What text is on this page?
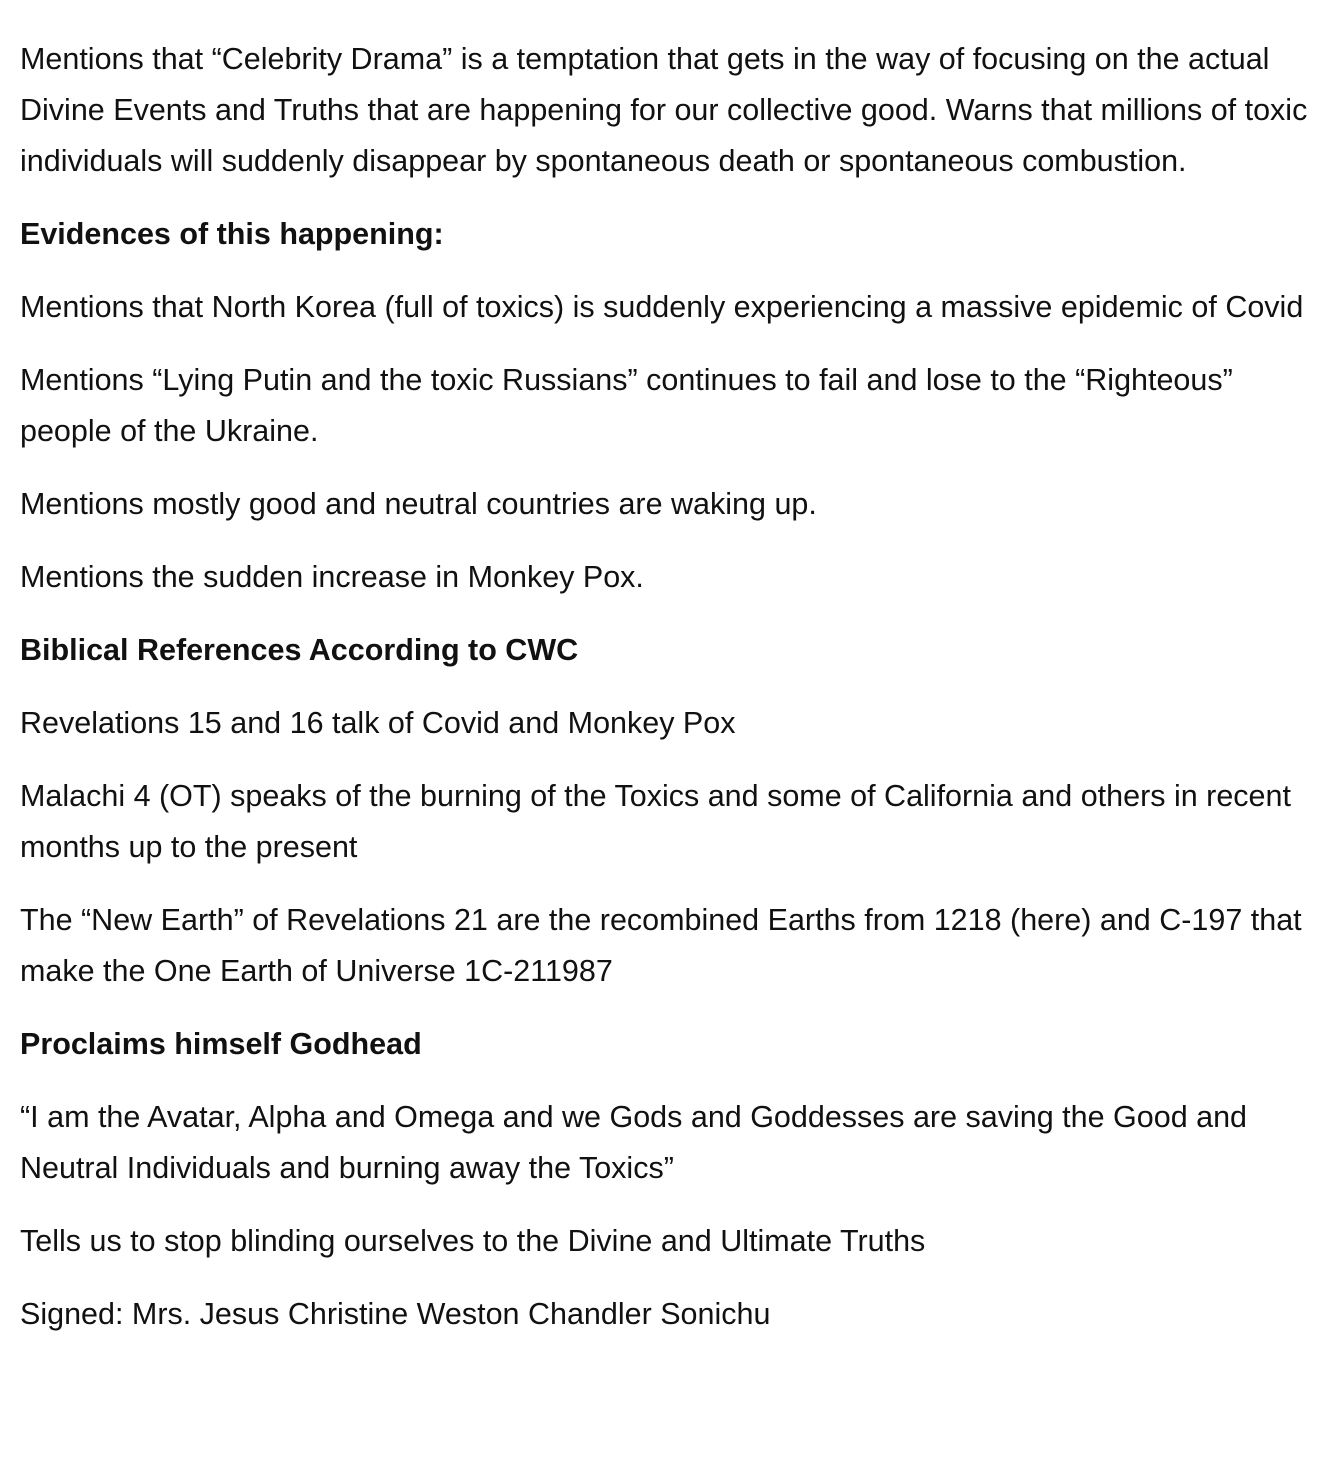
Mentions that “Celebrity Drama” is a temptation that gets in the way of focusing on the actual Divine Events and Truths that are happening for our collective good. Warns that millions of toxic individuals will suddenly disappear by spontaneous death or spontaneous combustion.

Evidences of this happening:

Mentions that North Korea (full of toxics) is suddenly experiencing a massive epidemic of Covid

Mentions “Lying Putin and the toxic Russians” continues to fail and lose to the “Righteous” people of the Ukraine.

Mentions mostly good and neutral countries are waking up.

Mentions the sudden increase in Monkey Pox.

Biblical References According to CWC

Revelations 15 and 16 talk of Covid and Monkey Pox

Malachi 4 (OT) speaks of the burning of the Toxics and some of California and others in recent months up to the present

The “New Earth” of Revelations 21 are the recombined Earths from 1218 (here) and C-197 that make the One Earth of Universe 1C-211987

Proclaims himself Godhead

“I am the Avatar, Alpha and Omega and we Gods and Goddesses are saving the Good and Neutral Individuals and burning away the Toxics”

Tells us to stop blinding ourselves to the Divine and Ultimate Truths

Signed: Mrs. Jesus Christine Weston Chandler Sonichu
